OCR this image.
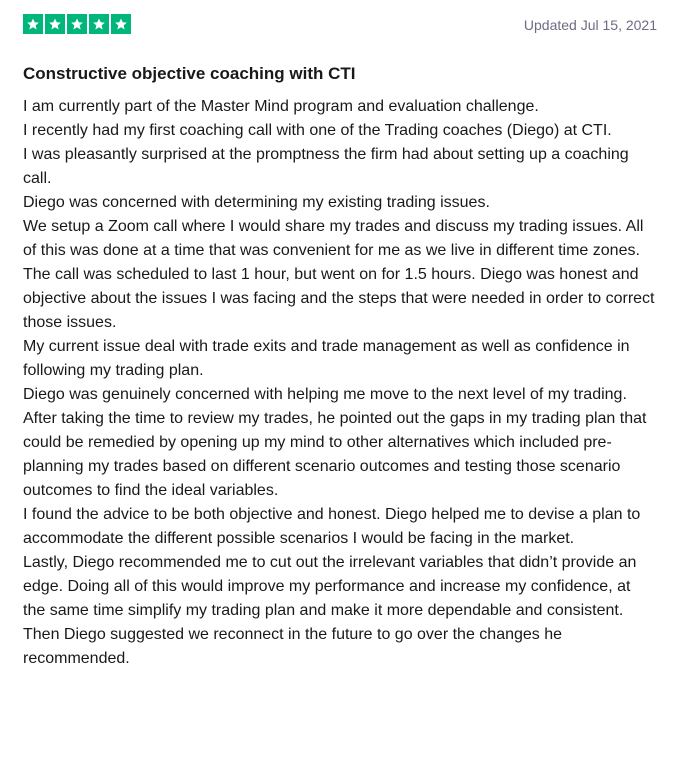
Updated Jul 15, 2021
Constructive objective coaching with CTI

I am currently part of the Master Mind program and evaluation challenge.

I recently had my first coaching call with one of the Trading coaches (Diego) at CTI.

I was pleasantly surprised at the promptness the firm had about setting up a coaching call.

Diego was concerned with determining my existing trading issues.

We setup a Zoom call where I would share my trades and discuss my trading issues. All of this was done at a time that was convenient for me as we live in different time zones.

The call was scheduled to last 1 hour, but went on for 1.5 hours. Diego was honest and objective about the issues I was facing and the steps that were needed in order to correct those issues.

My current issue deal with trade exits and trade management as well as confidence in following my trading plan.

Diego was genuinely concerned with helping me move to the next level of my trading. After taking the time to review my trades, he pointed out the gaps in my trading plan that could be remedied by opening up my mind to other alternatives which included pre-planning my trades based on different scenario outcomes and testing those scenario outcomes to find the ideal variables.

I found the advice to be both objective and honest. Diego helped me to devise a plan to accommodate the different possible scenarios I would be facing in the market.

Lastly, Diego recommended me to cut out the irrelevant variables that didn’t provide an edge. Doing all of this would improve my performance and increase my confidence, at the same time simplify my trading plan and make it more dependable and consistent.

Then Diego suggested we reconnect in the future to go over the changes he recommended.
